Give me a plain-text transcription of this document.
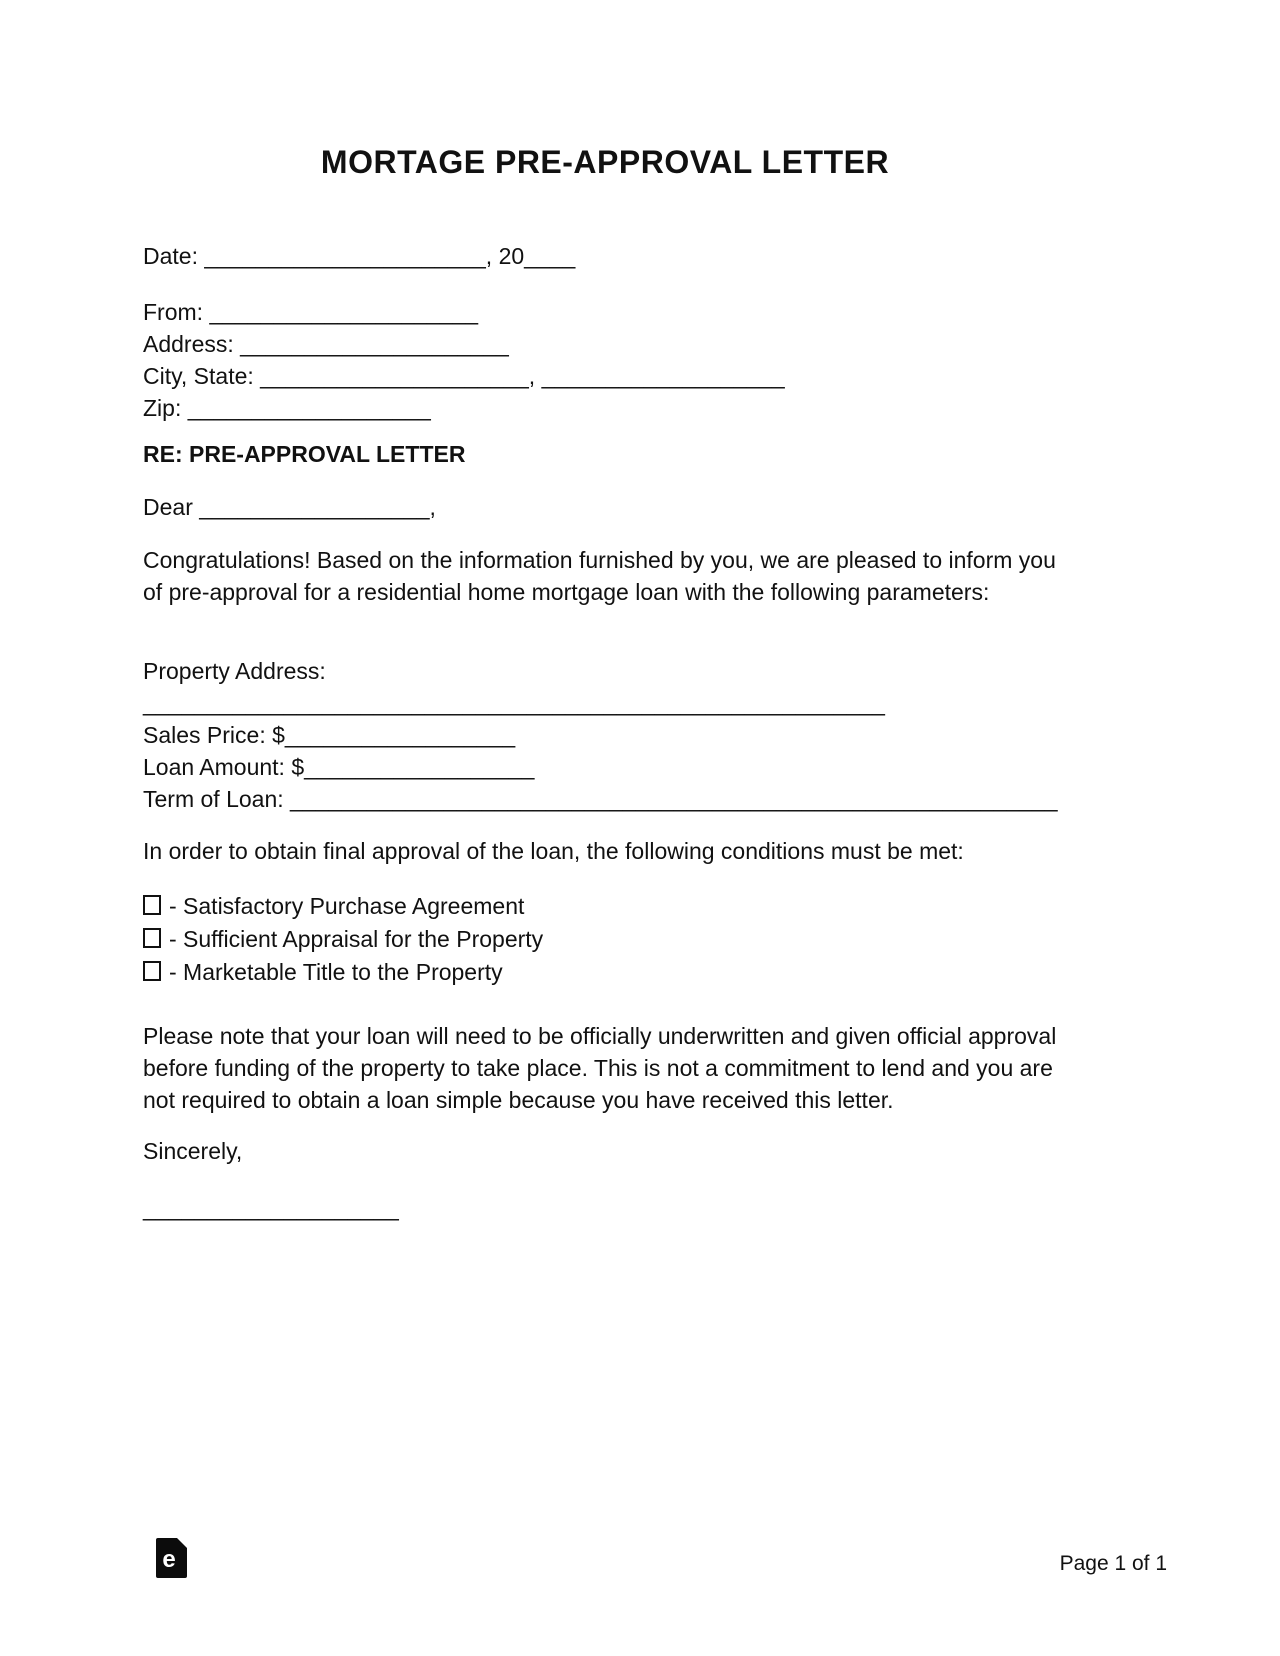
MORTAGE PRE-APPROVAL LETTER

Date: ______________________, 20____

From: _____________________

Address: _____________________

City, State: _____________________, ___________________

Zip: ___________________

RE: PRE-APPROVAL LETTER

Dear __________________,

Congratulations! Based on the information furnished by you, we are pleased to inform you of pre-approval for a residential home mortgage loan with the following parameters:

Property Address: __________________________________________________________

Sales Price: $__________________

Loan Amount: $__________________

Term of Loan: ____________________________________________________________

In order to obtain final approval of the loan, the following conditions must be met:

- Satisfactory Purchase Agreement

- Sufficient Appraisal for the Property

- Marketable Title to the Property

Please note that your loan will need to be officially underwritten and given official approval before funding of the property to take place. This is not a commitment to lend and you are not required to obtain a loan simple because you have received this letter.

Sincerely,

____________________

e	Page 1 of 1
